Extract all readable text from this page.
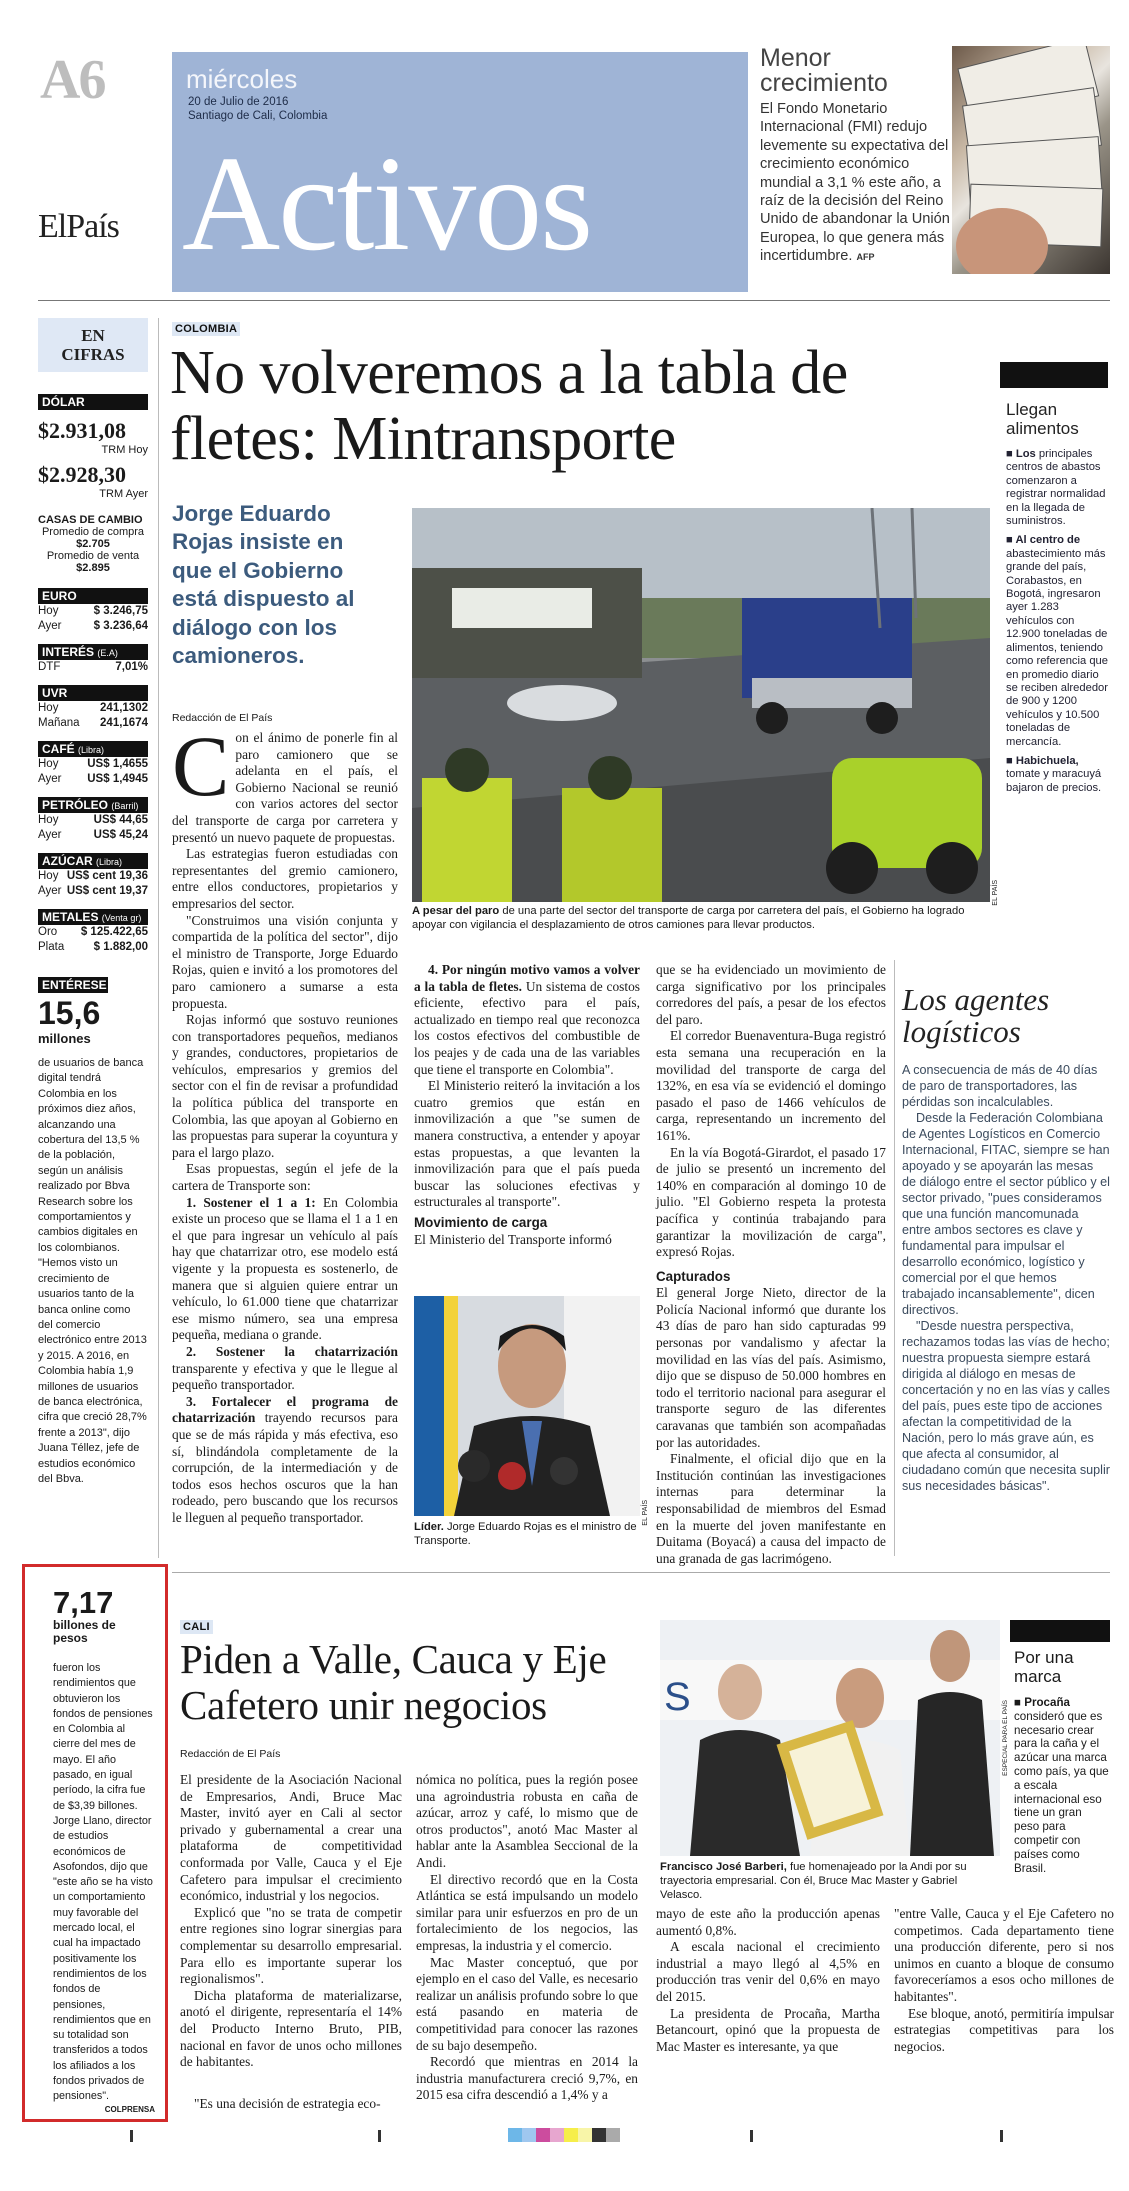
A6
ElPaís
miércoles
20 de Julio de 2016
Santiago de Cali, Colombia
Activos
Menor crecimiento

El Fondo Monetario Internacional (FMI) redujo levemente su expectativa del crecimiento económico mundial a 3,1 % este año, a raíz de la decisión del Reino Unido de abandonar la Unión Europea, lo que genera más incertidumbre. AFP

EN CIFRAS
DÓLAR
$2.931,08
TRM Hoy
$2.928,30
TRM Ayer
CASAS DE CAMBIO
Promedio de compra
$2.705
Promedio de venta
$2.895
EURO
Hoy	$ 3.246,75
Ayer	$ 3.236,64
INTERÉS (E.A)
DTF	7,01%
UVR
Hoy	241,1302
Mañana 241,1674
CAFÉ (Libra)
Hoy	US$ 1,4655
Ayer US$ 1,4945
PETRÓLEO (Barril)
Hoy	US$ 44,65
Ayer	US$ 45,24
AZÚCAR (Libra)
Hoy US$ cent 19,36
Ayer US$ cent 19,37
METALES (Venta gr)
Oro $ 125.422,65
Plata	$ 1.882,00
ENTÉRESE
15,6
millones

de usuarios de banca digital tendrá Colombia en los próximos diez años, alcanzando una cobertura del 13,5 % de la población, según un análisis realizado por Bbva Research sobre los comportamientos y cambios digitales en los colombianos. "Hemos visto un crecimiento de usuarios tanto de la banca online como del comercio electrónico entre 2013 y 2015. A 2016, en Colombia había 1,9 millones de usuarios de banca electrónica, cifra que creció 28,7% frente a 2013", dijo Juana Téllez, jefe de estudios económico del Bbva.

COLOMBIA
No volveremos a la tabla de fletes: Mintransporte
Jorge Eduardo Rojas insiste en que el Gobierno está dispuesto al diálogo con los camioneros.
Redacción de El País
EL PAÍS

A pesar del paro de una parte del sector del transporte de carga por carretera del país, el Gobierno ha logrado apoyar con vigilancia el desplazamiento de otros camiones para llevar productos.

Con el ánimo de ponerle fin al paro camionero que se adelanta en el país, el Gobierno Nacional se reunió con varios actores del sector del transporte de carga por carretera y presentó un nuevo paquete de propuestas.

Las estrategias fueron estudiadas con representantes del gremio camionero, entre ellos conductores, propietarios y empresarios del sector.

"Construimos una visión conjunta y compartida de la política del sector", dijo el ministro de Transporte, Jorge Eduardo Rojas, quien e invitó a los promotores del paro camionero a sumarse a esta propuesta.

Rojas informó que sostuvo reuniones con transportadores pequeños, medianos y grandes, conductores, propietarios de vehículos, empresarios y gremios del sector con el fin de revisar a profundidad la política pública del transporte en Colombia, las que apoyan al Gobierno en las propuestas para superar la coyuntura y para el largo plazo.

Esas propuestas, según el jefe de la cartera de Transporte son:

1. Sostener el 1 a 1: En Colombia existe un proceso que se llama el 1 a 1 en el que para ingresar un vehículo al país hay que chatarrizar otro, ese modelo está vigente y la propuesta es sostenerlo, de manera que si alguien quiere entrar un vehículo, lo 61.000 tiene que chatarrizar ese mismo número, sea una empresa pequeña, mediana o grande.

2. Sostener la chatarrización transparente y efectiva y que le llegue al pequeño transportador.

3. Fortalecer el programa de chatarrización trayendo recursos para que se de más rápida y más efectiva, eso sí, blindándola completamente de la corrupción, de la intermediación y de todos esos hechos oscuros que la han rodeado, pero buscando que los recursos le lleguen al pequeño transportador.

4. Por ningún motivo vamos a volver a la tabla de fletes. Un sistema de costos eficiente, efectivo para el país, actualizado en tiempo real que reconozca los costos efectivos del combustible de los peajes y de cada una de las variables que tiene el transporte en Colombia".

El Ministerio reiteró la invitación a los cuatro gremios que están en inmovilización a que "se sumen de manera constructiva, a entender y apoyar estas propuestas, a que levanten la inmovilización para que el país pueda buscar las soluciones efectivas y estructurales al transporte".

Movimiento de carga

El Ministerio del Transporte informó

EL PAÍS

Líder. Jorge Eduardo Rojas es el ministro de Transporte.

que se ha evidenciado un movimiento de carga significativo por los principales corredores del país, a pesar de los efectos del paro.

El corredor Buenaventura-Buga registró esta semana una recuperación en la movilidad del transporte de carga del 132%, en esa vía se evidenció el domingo pasado el paso de 1466 vehículos de carga, representando un incremento del 161%.

En la vía Bogotá-Girardot, el pasado 17 de julio se presentó un incremento del 140% en comparación al domingo 10 de julio. "El Gobierno respeta la protesta pacífica y continúa trabajando para garantizar la movilización de carga", expresó Rojas.

Capturados

El general Jorge Nieto, director de la Policía Nacional informó que durante los 43 días de paro han sido capturadas 99 personas por vandalismo y afectar la movilidad en las vías del país. Asimismo, dijo que se dispuso de 50.000 hombres en todo el territorio nacional para asegurar el transporte seguro de las diferentes caravanas que también son acompañadas por las autoridades.

Finalmente, el oficial dijo que en la Institución continúan las investigaciones internas para determinar la responsabilidad de miembros del Esmad en la muerte del joven manifestante en Duitama (Boyacá) a causa del impacto de una granada de gas lacrimógeno.

Llegan alimentos
■ Los principales centros de abastos comenzaron a registrar normalidad en la llegada de suministros.
■ Al centro de abastecimiento más grande del país, Corabastos, en Bogotá, ingresaron ayer 1.283 vehículos con 12.900 toneladas de alimentos, teniendo como referencia que en promedio diario se reciben alrededor de 900 y 1200 vehículos y 10.500 toneladas de mercancía.
■ Habichuela, tomate y maracuyá bajaron de precios.
Los agentes logísticos

A consecuencia de más de 40 días de paro de transportadores, las pérdidas son incalculables.

Desde la Federación Colombiana de Agentes Logísticos en Comercio Internacional, FITAC, siempre se han apoyado y se apoyarán las mesas de diálogo entre el sector público y el sector privado, "pues consideramos que una función mancomunada entre ambos sectores es clave y fundamental para impulsar el desarrollo económico, logístico y comercial por el que hemos trabajado incansablemente", dicen directivos.

"Desde nuestra perspectiva, rechazamos todas las vías de hecho; nuestra propuesta siempre estará dirigida al diálogo en mesas de concertación y no en las vías y calles del país, pues este tipo de acciones afectan la competitividad de la Nación, pero lo más grave aún, es que afecta al consumidor, al ciudadano común que necesita suplir sus necesidades básicas".

7,17
billones de pesos

fueron los rendimientos que obtuvieron los fondos de pensiones en Colombia al cierre del mes de mayo. El año pasado, en igual período, la cifra fue de $3,39 billones. Jorge Llano, director de estudios económicos de Asofondos, dijo que "este año se ha visto un comportamiento muy favorable del mercado local, el cual ha impactado positivamente los rendimientos de los fondos de pensiones, rendimientos que en su totalidad son transferidos a todos los afiliados a los fondos privados de pensiones".

COLPRENSA
CALI
Piden a Valle, Cauca y Eje Cafetero unir negocios
Redacción de El País

El presidente de la Asociación Nacional de Empresarios, Andi, Bruce Mac Master, invitó ayer en Cali al sector privado y gubernamental a crear una plataforma de competitividad conformada por Valle, Cauca y el Eje Cafetero para impulsar el crecimiento económico, industrial y los negocios.

Explicó que "no se trata de competir entre regiones sino lograr sinergias para complementar su desarrollo empresarial. Para ello es importante superar los regionalismos".

Dicha plataforma de materializarse, anotó el dirigente, representaría el 14% del Producto Interno Bruto, PIB, nacional en favor de unos ocho millones de habitantes.

nómica no política, pues la región posee una agroindustria robusta en caña de azúcar, arroz y café, lo mismo que de otros productos", anotó Mac Master al hablar ante la Asamblea Seccional de la Andi.

El directivo recordó que en la Costa Atlántica se está impulsando un modelo similar para unir esfuerzos en pro de un fortalecimiento de los negocios, las empresas, la industria y el comercio.

Mac Master conceptuó, que por ejemplo en el caso del Valle, es necesario realizar un análisis profundo sobre lo que está pasando en materia de competitividad para conocer las razones de su bajo desempeño.

Recordó que mientras en 2014 la industria manufacturera creció 9,7%, en 2015 esa cifra descendió a 1,4% y a

"Es una decisión de estrategia eco-

S
ESPECIAL PARA EL PAÍS

Francisco José Barberi, fue homenajeado por la Andi por su trayectoria empresarial. Con él, Bruce Mac Master y Gabriel Velasco.

mayo de este año la producción apenas aumentó 0,8%.

A escala nacional el crecimiento industrial a mayo llegó al 4,5% en producción tras venir del 0,6% en mayo del 2015.

La presidenta de Procaña, Martha Betancourt, opinó que la propuesta de Mac Master es interesante, ya que

"entre Valle, Cauca y el Eje Cafetero no competimos. Cada departamento tiene una producción diferente, pero si nos unimos en cuanto a bloque de consumo favoreceríamos a esos ocho millones de habitantes".

Ese bloque, anotó, permitiría impulsar estrategias competitivas para los negocios.

Por una marca
■ Procaña consideró que es necesario crear para la caña y el azúcar una marca como país, ya que a escala internacional eso tiene un gran peso para competir con países como Brasil.
